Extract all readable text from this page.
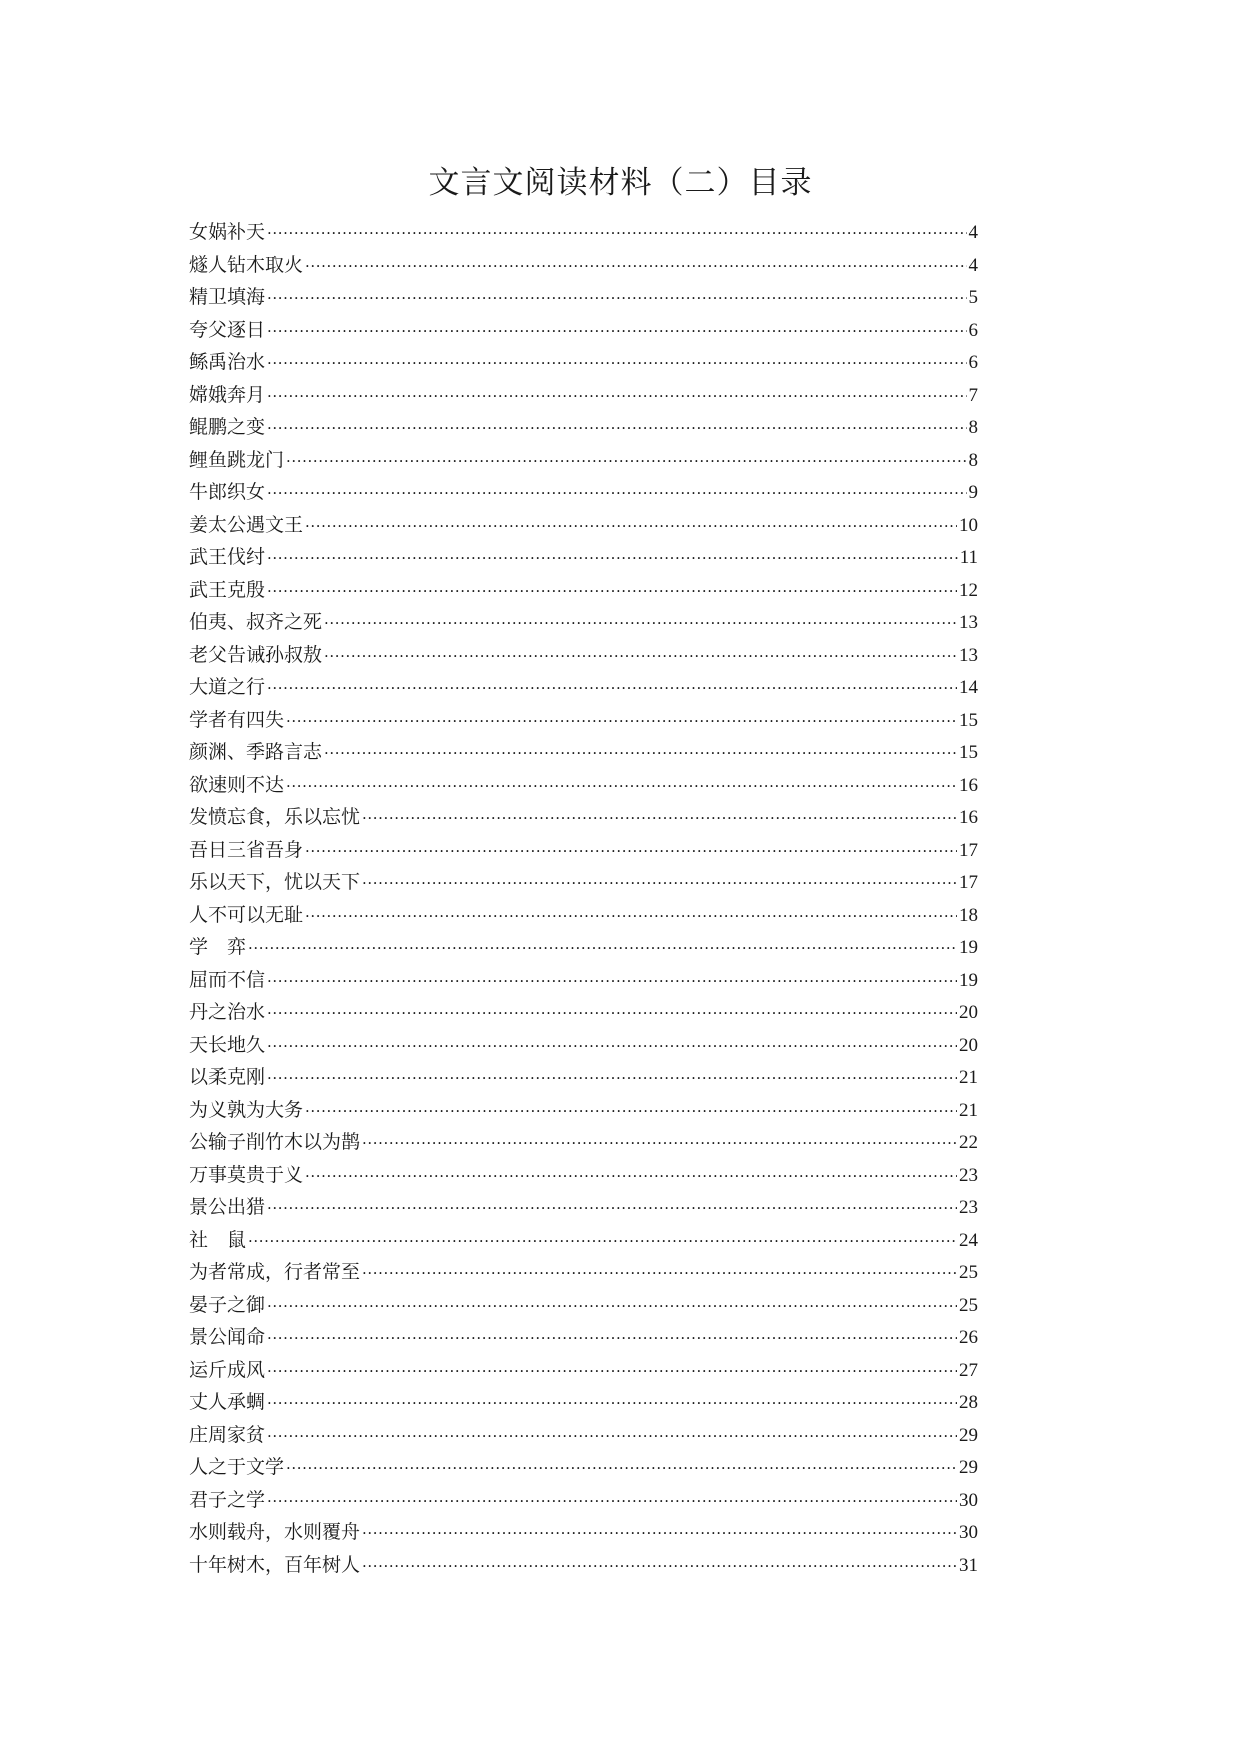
文言文阅读材料（二）目录
女娲补天 ·····	4
燧人钻木取火 ·····	4
精卫填海 ·····	5
夸父逐日 ·····	6
鲧禹治水 ·····	6
嫦娥奔月 ·····	7
鲲鹏之变 ·····	8
鲤鱼跳龙门 ·····	8
牛郎织女 ·····	9
姜太公遇文王 ·····	10
武王伐纣 ·····	11
武王克殷 ·····	12
伯夷、叔齐之死 ·····	13
老父告诫孙叔敖 ·····	13
大道之行 ·····	14
学者有四失 ·····	15
颜渊、季路言志 ·····	15
欲速则不达 ·····	16
发愤忘食，乐以忘忧 ·····	16
吾日三省吾身 ·····	17
乐以天下，忧以天下 ·····	17
人不可以无耻 ·····	18
学　弈 ·····	19
屈而不信 ·····	19
丹之治水 ·····	20
天长地久 ·····	20
以柔克刚 ·····	21
为义孰为大务 ·····	21
公输子削竹木以为鹊 ·····	22
万事莫贵于义 ·····	23
景公出猎 ·····	23
社　鼠 ·····	24
为者常成，行者常至 ·····	25
晏子之御 ·····	25
景公闻命 ·····	26
运斤成风 ·····	27
丈人承蜩 ·····	28
庄周家贫 ·····	29
人之于文学 ·····	29
君子之学 ·····	30
水则载舟，水则覆舟 ·····	30
十年树木，百年树人 ·····	31
